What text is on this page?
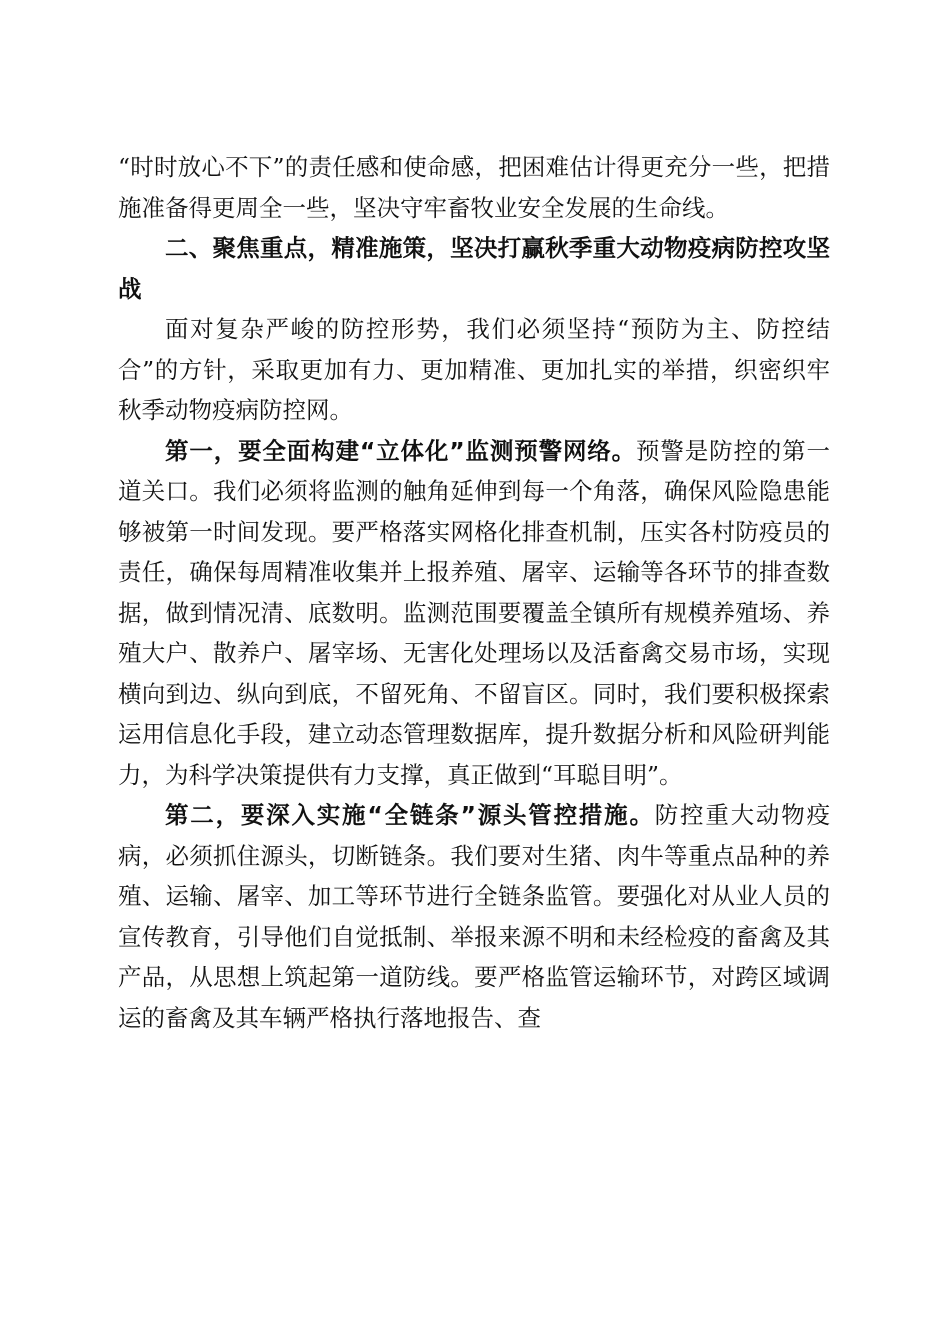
“时时放心不下”的责任感和使命感，把困难估计得更充分一些，把措施准备得更周全一些，坚决守牢畜牧业安全发展的生命线。

二、聚焦重点，精准施策，坚决打赢秋季重大动物疫病防控攻坚战

面对复杂严峻的防控形势，我们必须坚持“预防为主、防控结合”的方针，采取更加有力、更加精准、更加扎实的举措，织密织牢秋季动物疫病防控网。

第一，要全面构建“立体化”监测预警网络。预警是防控的第一道关口。我们必须将监测的触角延伸到每一个角落，确保风险隐患能够被第一时间发现。要严格落实网格化排查机制，压实各村防疫员的责任，确保每周精准收集并上报养殖、屠宰、运输等各环节的排查数据，做到情况清、底数明。监测范围要覆盖全镇所有规模养殖场、养殖大户、散养户、屠宰场、无害化处理场以及活畜禽交易市场，实现横向到边、纵向到底，不留死角、不留盲区。同时，我们要积极探索运用信息化手段，建立动态管理数据库，提升数据分析和风险研判能力，为科学决策提供有力支撑，真正做到“耳聪目明”。

第二，要深入实施“全链条”源头管控措施。防控重大动物疫病，必须抓住源头，切断链条。我们要对生猪、肉牛等重点品种的养殖、运输、屠宰、加工等环节进行全链条监管。要强化对从业人员的宣传教育，引导他们自觉抵制、举报来源不明和未经检疫的畜禽及其产品，从思想上筑起第一道防线。要严格监管运输环节，对跨区域调运的畜禽及其车辆严格执行落地报告、查
